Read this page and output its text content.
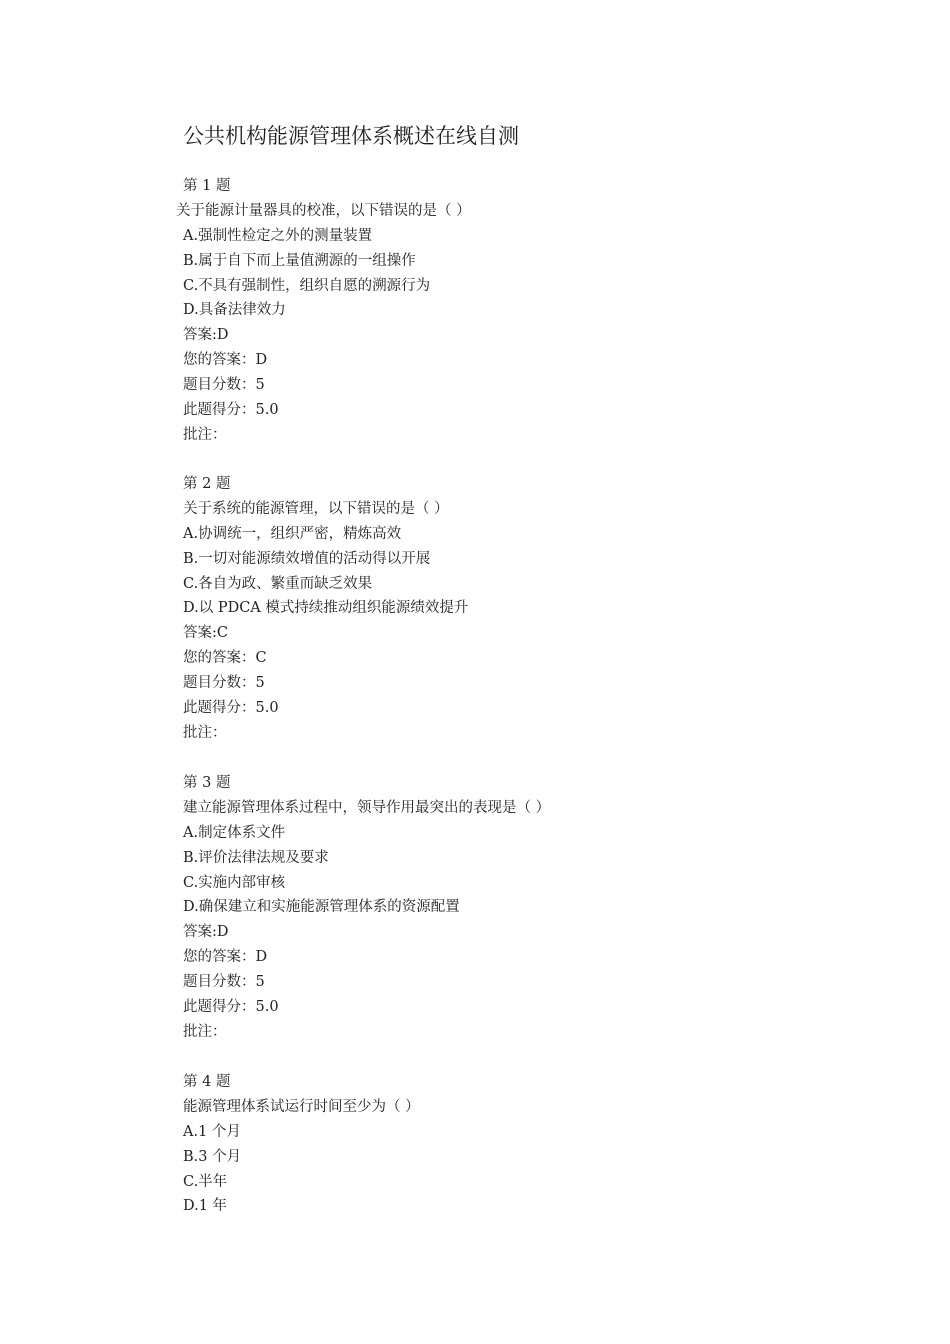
公共机构能源管理体系概述在线自测
第 1 题
关于能源计量器具的校准，以下错误的是（ ）
A.强制性检定之外的测量装置
B.属于自下而上量值溯源的一组操作
C.不具有强制性，组织自愿的溯源行为
D.具备法律效力
答案:D
您的答案：D
题目分数：5
此题得分：5.0
批注：
第 2 题
关于系统的能源管理，以下错误的是（ ）
A.协调统一，组织严密，精炼高效
B.一切对能源绩效增值的活动得以开展
C.各自为政、繁重而缺乏效果
D.以 PDCA 模式持续推动组织能源绩效提升
答案:C
您的答案：C
题目分数：5
此题得分：5.0
批注：
第 3 题
建立能源管理体系过程中，领导作用最突出的表现是（ ）
A.制定体系文件
B.评价法律法规及要求
C.实施内部审核
D.确保建立和实施能源管理体系的资源配置
答案:D
您的答案：D
题目分数：5
此题得分：5.0
批注：
第 4 题
能源管理体系试运行时间至少为（ ）
A.1 个月
B.3 个月
C.半年
D.1 年
